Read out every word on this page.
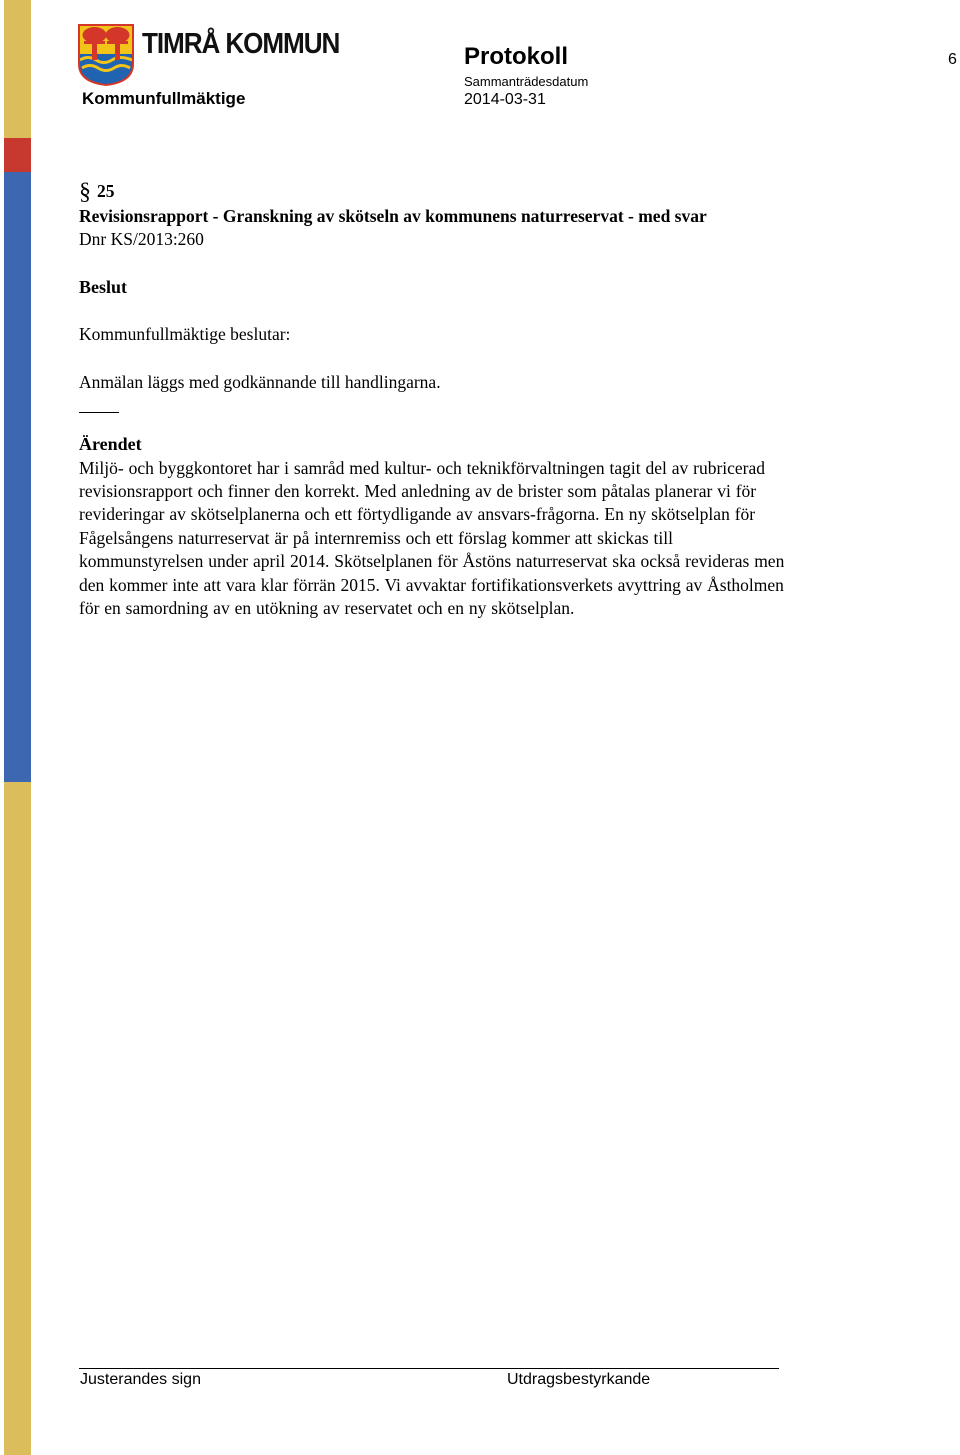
TIMRÅ KOMMUN
Kommunfullmäktige
Protokoll
Sammanträdesdatum
2014-03-31
6
§ 25
Revisionsrapport - Granskning av skötseln av kommunens naturreservat - med svar
Dnr KS/2013:260
Beslut

Kommunfullmäktige beslutar:

Anmälan läggs med godkännande till handlingarna.

Ärendet

Miljö- och byggkontoret har i samråd med kultur- och teknikförvaltningen tagit del av rubricerad revisionsrapport och finner den korrekt. Med anledning av de brister som påtalas planerar vi för revideringar av skötselplanerna och ett förtydligande av ansvars-frågorna. En ny skötselplan för Fågelsångens naturreservat är på internremiss och ett förslag kommer att skickas till kommunstyrelsen under april 2014. Skötselplanen för Åstöns naturreservat ska också revideras men den kommer inte att vara klar förrän 2015. Vi avvaktar fortifikationsverkets avyttring av Åstholmen för en samordning av en utökning av reservatet och en ny skötselplan.

Justerandes sign	Utdragsbestyrkande
